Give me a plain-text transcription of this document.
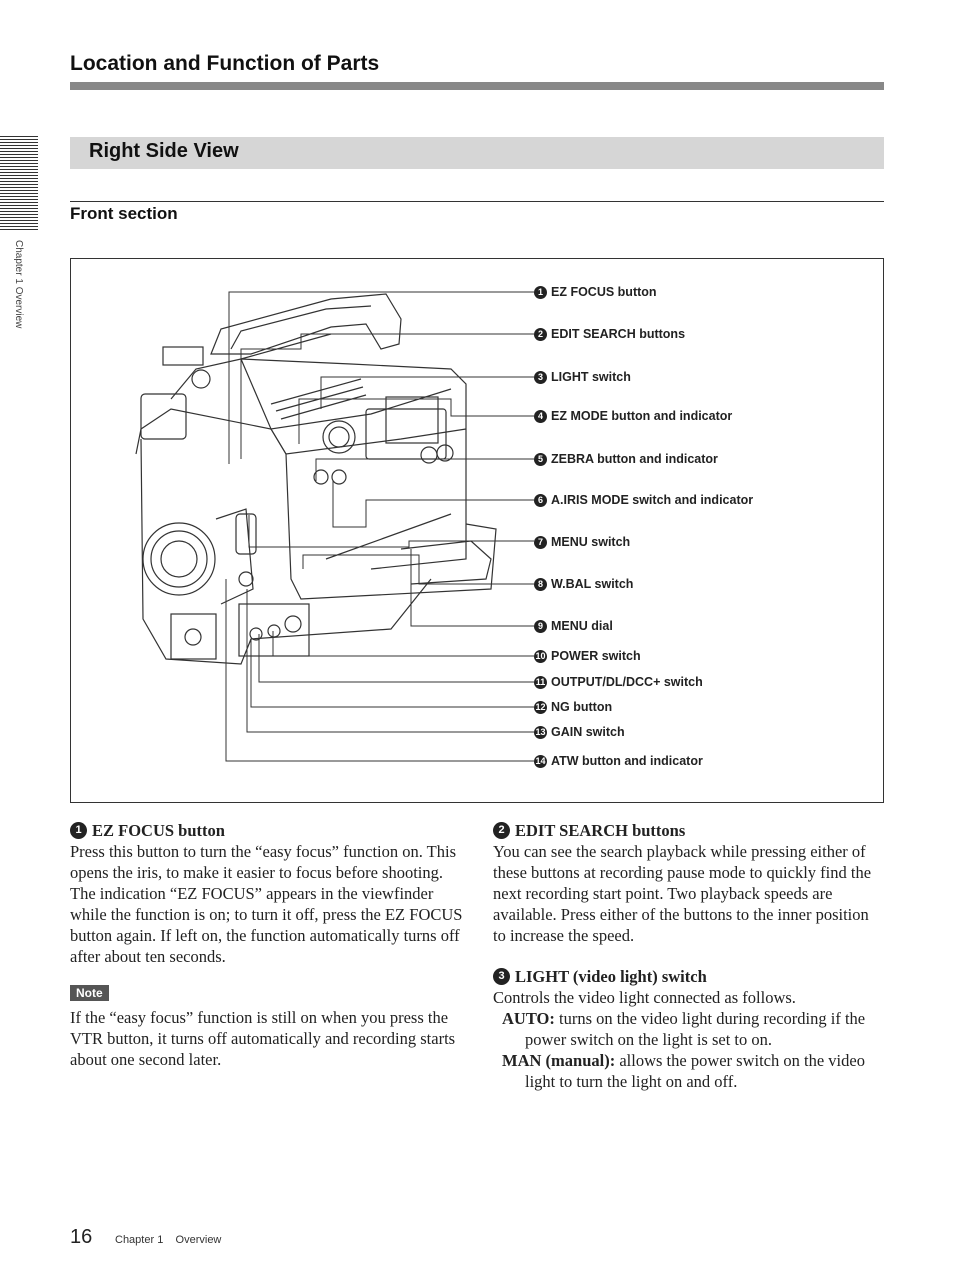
Chapter 1 Overview
Location and Function of Parts
Right Side View
Front section
1 EZ FOCUS button
2 EDIT SEARCH buttons
3 LIGHT switch
4 EZ MODE button and indicator
5 ZEBRA button and indicator
6 A.IRIS MODE switch and indicator
7 MENU switch
8 W.BAL switch
9 MENU dial
10 POWER switch
11 OUTPUT/DL/DCC+ switch
12 NG button
13 GAIN switch
14 ATW button and indicator
1 EZ FOCUS button
Press this button to turn the “easy focus” function on. This opens the iris, to make it easier to focus before shooting. The indication “EZ FOCUS” appears in the viewfinder while the function is on; to turn it off, press the EZ FOCUS button again. If left on, the function automatically turns off after about ten seconds.
Note
If the “easy focus” function is still on when you press the VTR button, it turns off automatically and recording starts about one second later.
2 EDIT SEARCH buttons
You can see the search playback while pressing either of these buttons at recording pause mode to quickly find the next recording start point. Two playback speeds are available. Press either of the buttons to the inner position to increase the speed.
3 LIGHT (video light) switch
Controls the video light connected as follows.
AUTO: turns on the video light during recording if the power switch on the light is set to on.
MAN (manual): allows the power switch on the video light to turn the light on and off.
16 Chapter 1    Overview
